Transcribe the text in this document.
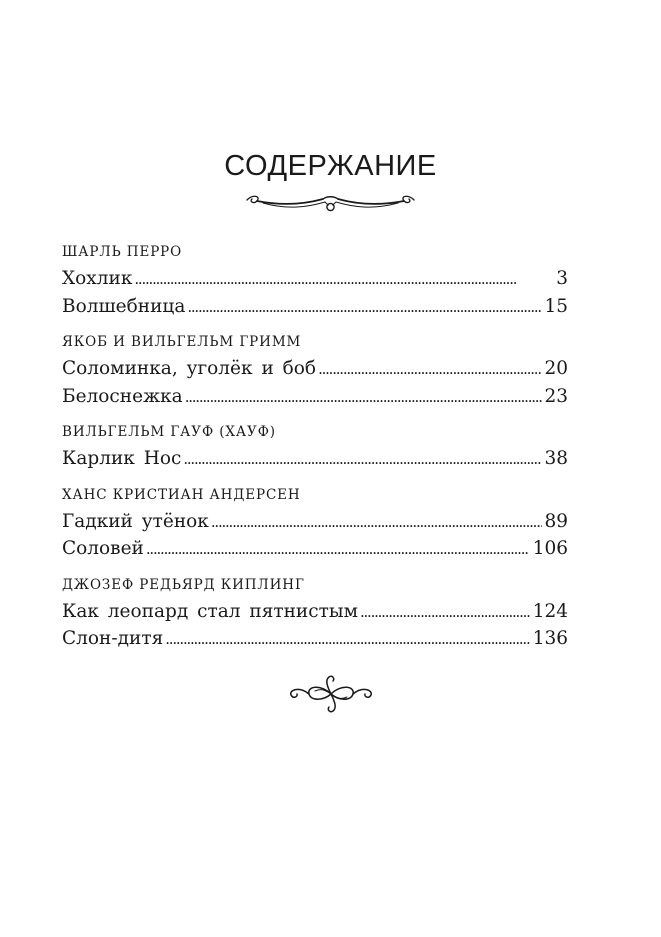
СОДЕРЖАНИЕ
ШАРЛЬ ПЕРРО
Хохлик . . .	3
Волшебница . . .	15
ЯКОБ И ВИЛЬГЕЛЬМ ГРИММ
Соломинка, уголёк и боб . . .	20
Белоснежка . . .	23
ВИЛЬГЕЛЬМ ГАУФ (ХАУФ)
Карлик Нос . . .	38
ХАНС КРИСТИАН АНДЕРСЕН
Гадкий утёнок . . .	89
Соловей . . .	106
ДЖОЗЕФ РЕДЬЯРД КИПЛИНГ
Как леопард стал пятнистым . . .	124
Слон-дитя . . .	136
